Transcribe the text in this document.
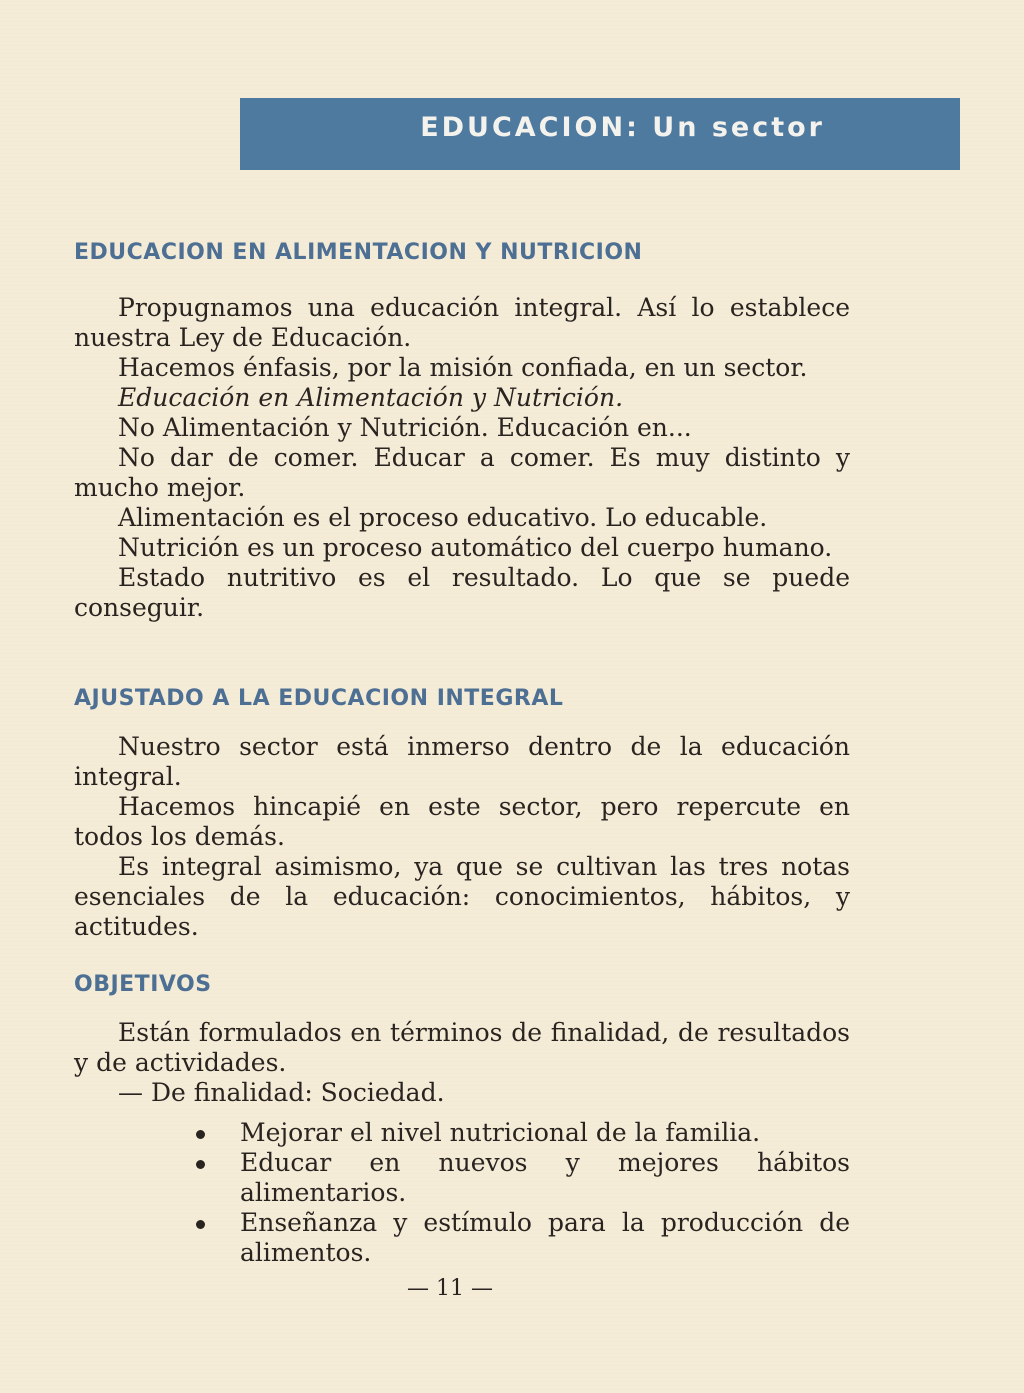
EDUCACION: Un sector
EDUCACION EN ALIMENTACION Y NUTRICION

Propugnamos una educación integral. Así lo establece nuestra Ley de Educación.

Hacemos énfasis, por la misión confiada, en un sector.

Educación en Alimentación y Nutrición.

No Alimentación y Nutrición. Educación en...

No dar de comer. Educar a comer. Es muy distinto y mucho mejor.

Alimentación es el proceso educativo. Lo educable.

Nutrición es un proceso automático del cuerpo humano.

Estado nutritivo es el resultado. Lo que se puede conseguir.

AJUSTADO A LA EDUCACION INTEGRAL

Nuestro sector está inmerso dentro de la educación integral.

Hacemos hincapié en este sector, pero repercute en todos los demás.

Es integral asimismo, ya que se cultivan las tres notas esenciales de la educación: conocimientos, hábitos, y actitudes.

OBJETIVOS

Están formulados en términos de finalidad, de resultados y de actividades.

— De finalidad: Sociedad.

Mejorar el nivel nutricional de la familia.
Educar en nuevos y mejores hábitos alimentarios.
Enseñanza y estímulo para la producción de alimentos.
— 11 —
